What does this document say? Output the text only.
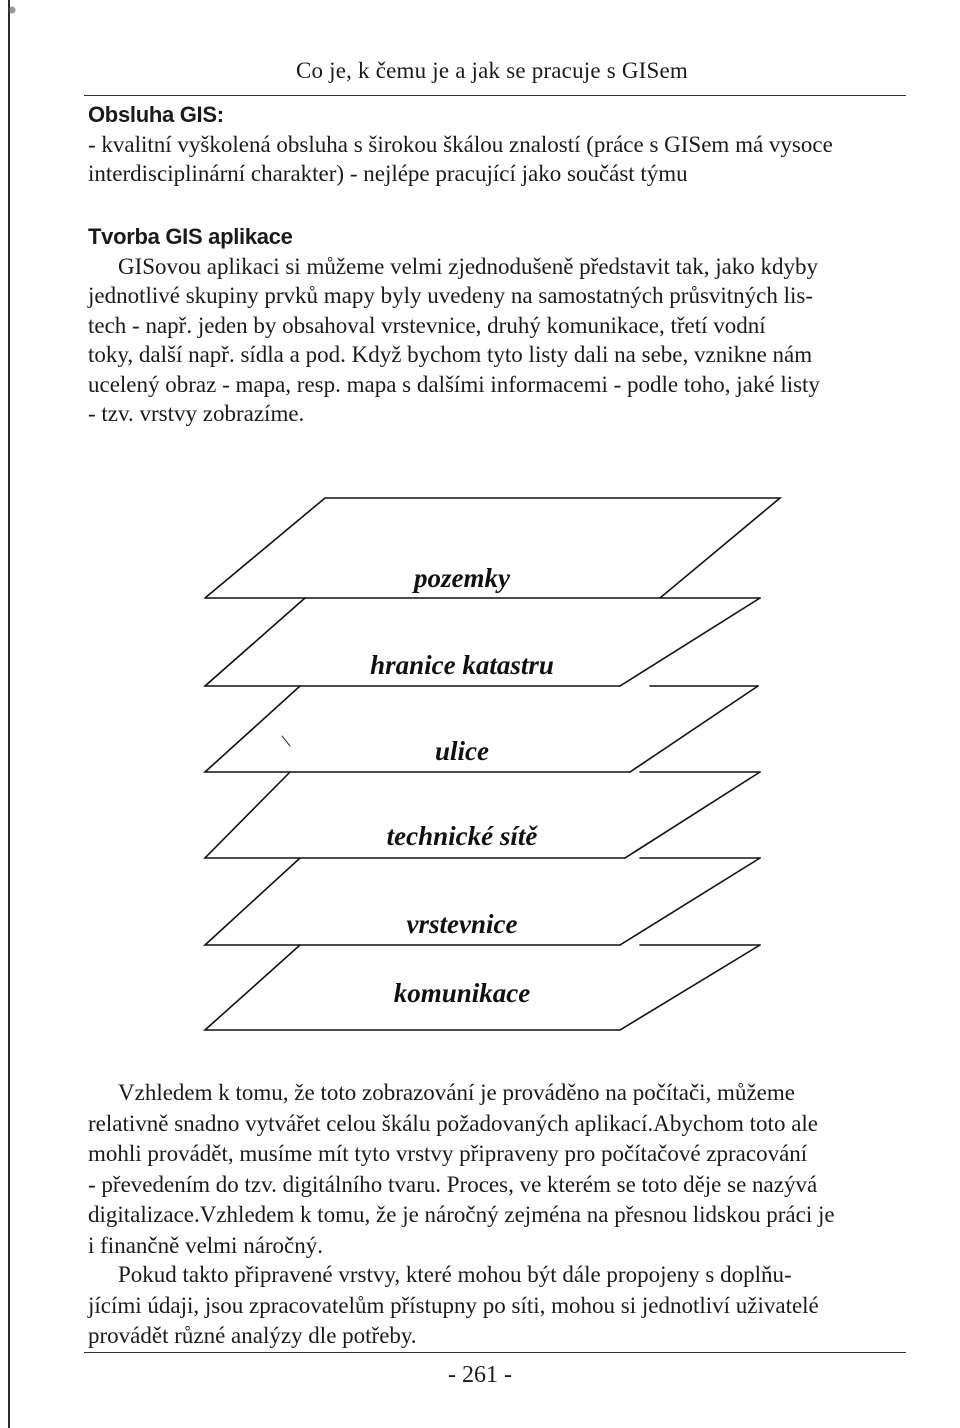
Co je, k čemu je a jak se pracuje s GISem
Obsluha GIS:
- kvalitní vyškolená obsluha s širokou škálou znalostí (práce s GISem má vysoce
interdisciplinární charakter) - nejlépe pracující jako součást týmu
Tvorba GIS aplikace
GISovou aplikaci si můžeme velmi zjednodušeně představit tak, jako kdyby
jednotlivé skupiny prvků mapy byly uvedeny na samostatných průsvitných lis-
tech - např. jeden by obsahoval vrstevnice, druhý komunikace, třetí vodní
toky, další např. sídla a pod. Když bychom tyto listy dali na sebe, vznikne nám
ucelený obraz - mapa, resp. mapa s dalšími informacemi - podle toho, jaké listy
- tzv. vrstvy zobrazíme.
pozemky
hranice katastru
ulice
technické sítě
vrstevnice
komunikace
Vzhledem k tomu, že toto zobrazování je prováděno na počítači, můžeme
relativně snadno vytvářet celou škálu požadovaných aplikací.Abychom toto ale
mohli provádět, musíme mít tyto vrstvy připraveny pro počítačové zpracování
- převedením do tzv. digitálního tvaru. Proces, ve kterém se toto děje se nazývá
digitalizace.Vzhledem k tomu, že je náročný zejména na přesnou lidskou práci je
i finančně velmi náročný.
Pokud takto připravené vrstvy, které mohou být dále propojeny s doplňu-
jícími údaji, jsou zpracovatelům přístupny po síti, mohou si jednotliví uživatelé
provádět různé analýzy dle potřeby.
- 261 -
